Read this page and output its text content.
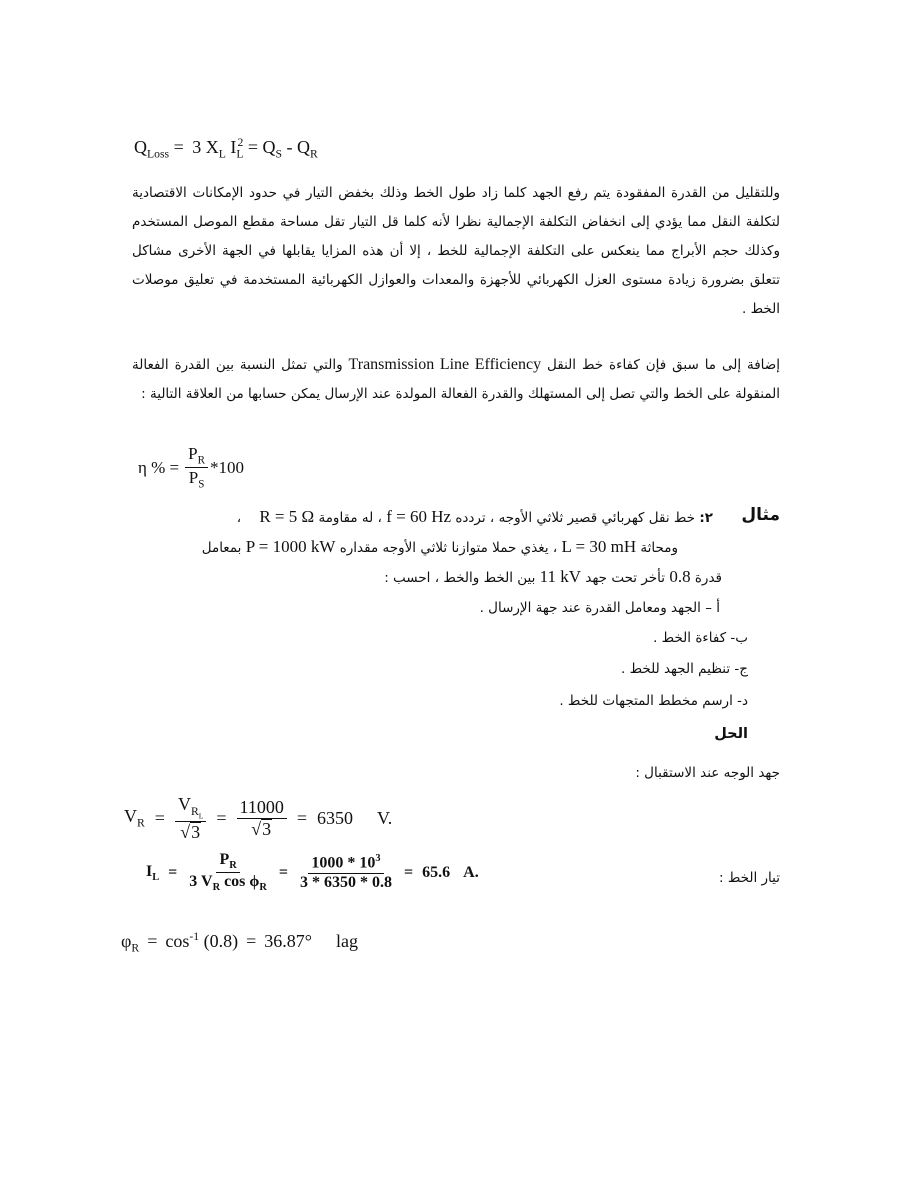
$Q_{Loss} = 3$ $X_L$ $I_L^2 = Q_S - Q_R$

وللتقليل من القدرة المفقودة يتم رفع الجهد كلما زاد طول الخط وذلك بخفض التيار في حدود الإمكانات الاقتصادية لتكلفة النقل مما يؤدي إلى انخفاض التكلفة الإجمالية نظرا لأنه كلما قل التيار تقل مساحة مقطع الموصل المستخدم وكذلك حجم الأبراج مما ينعكس على التكلفة الإجمالية للخط ، إلا أن هذه المزايا يقابلها في الجهة الأخرى مشاكل تتعلق بضرورة زيادة مستوى العزل الكهربائي للأجهزة والمعدات والعوازل الكهربائية المستخدمة في تعليق موصلات الخط .

إضافة إلى ما سبق فإن كفاءة خط النقل Transmission Line Efficiency والتي تمثل النسبة بين القدرة الفعالة المنقولة على الخط والتي تصل إلى المستهلك والقدرة الفعالة المولدة عند الإرسال يمكن حسابها من العلاقة التالية :

η % = $\frac{P_R}{P_S} *100$
مثال
٢: خط نقل كهربائي قصير ثلاثي الأوجه ، تردده f = 60 Hz ، له مقاومة R = 5 Ω ،
ومحاثة L = 30 mH ، يغذي حملا متوازنا ثلاثي الأوجه مقداره P = 1000 kW بمعامل
قدرة 0.8 تأخر تحت جهد 11 kV بين الخط والخط ، احسب :
أ – الجهد ومعامل القدرة عند جهة الإرسال .
ب- كفاءة الخط .
ج- تنظيم الجهد للخط .
د- ارسم مخطط المتجهات للخط .
الحل
جهد الوجه عند الاستقبال :
$V_R = \frac{V_{R_L}}{√ 3} = \frac{11000}{√ 3} = 6350$ V.
تيار الخط :
$I_L = \frac{P_R}{3 V_R \cos \phi_R} = \frac{1000 * 10^3}{3 * 6350 * 0.8} = 65.6$ A.
$\varphi_R = \cos^{-1} (0.8) = 36.87^\circ$ lag
